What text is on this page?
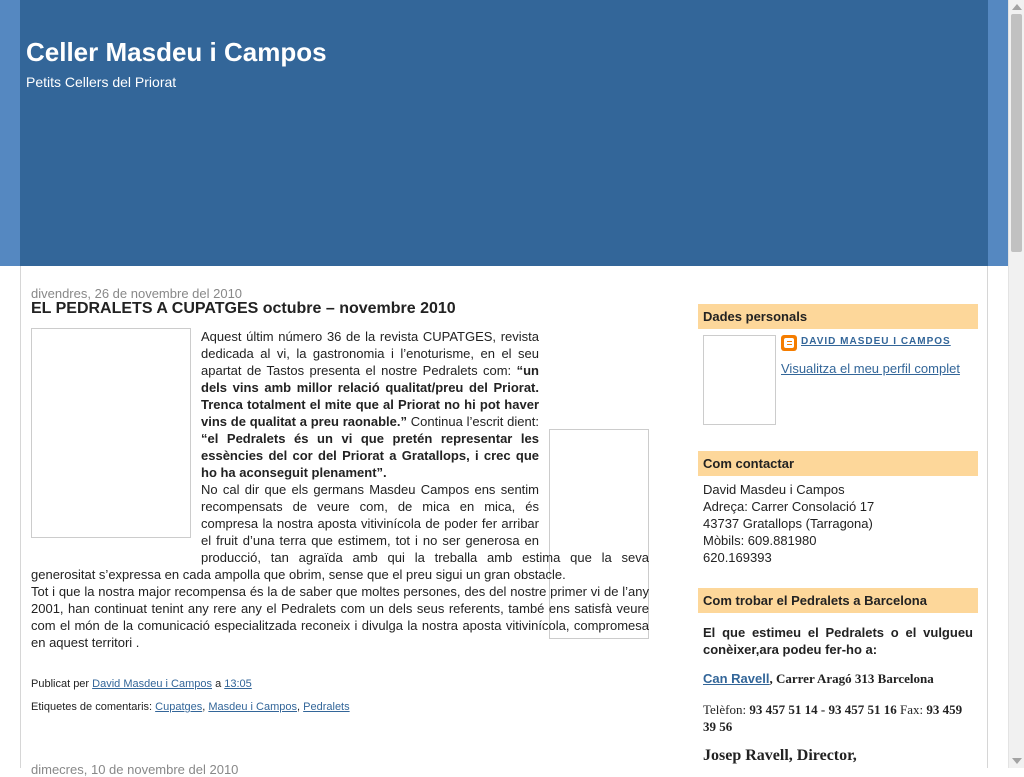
Celler Masdeu i Campos
Petits Cellers del Priorat
divendres, 26 de novembre del 2010
EL PEDRALETS A CUPATGES octubre – novembre 2010

Aquest últim número 36 de la revista CUPATGES, revista dedicada al vi, la gastronomia i l’enoturisme, en el seu apartat de Tastos presenta el nostre Pedralets com: “un dels vins amb millor relació qualitat/preu del Priorat. Trenca totalment el mite que al Priorat no hi pot haver vins de qualitat a preu raonable.” Continua l’escrit dient: “el Pedralets és un vi que pretén representar les essències del cor del Priorat a Gratallops, i crec que ho ha aconseguit plenament”.

No cal dir que els germans Masdeu Campos ens sentim recompensats de veure com, de mica en mica, és compresa la nostra aposta vitivinícola de poder fer arribar el fruit d’una terra que estimem, tot i no ser generosa en producció, tan agraïda amb qui la treballa amb estima que la seva generositat s’expressa en cada ampolla que obrim, sense que el preu sigui un gran obstacle.

Tot i que la nostra major recompensa és la de saber que moltes persones, des del nostre primer vi de l’any 2001, han continuat tenint any rere any el Pedralets com un dels seus referents, també ens satisfà veure com el món de la comunicació especialitzada reconeix i divulga la nostra aposta vitivinícola, compromesa en aquest territori .

Publicat per David Masdeu i Campos a 13:05
Etiquetes de comentaris: Cupatges, Masdeu i Campos, Pedralets
dimecres, 10 de novembre del 2010
Dades personals
DAVID MASDEU I CAMPOS
Visualitza el meu perfil complet
Com contactar
David Masdeu i Campos
Adreça: Carrer Consolació 17
43737 Gratallops (Tarragona)
Mòbils: 609.881980
620.169393
Com trobar el Pedralets a Barcelona
El que estimeu el Pedralets o el vulgueu conèixer,ara podeu fer-ho a:
Can Ravell, Carrer Aragó 313 Barcelona
Telèfon: 93 457 51 14 - 93 457 51 16 Fax: 93 459 39 56
Josep Ravell, Director,
